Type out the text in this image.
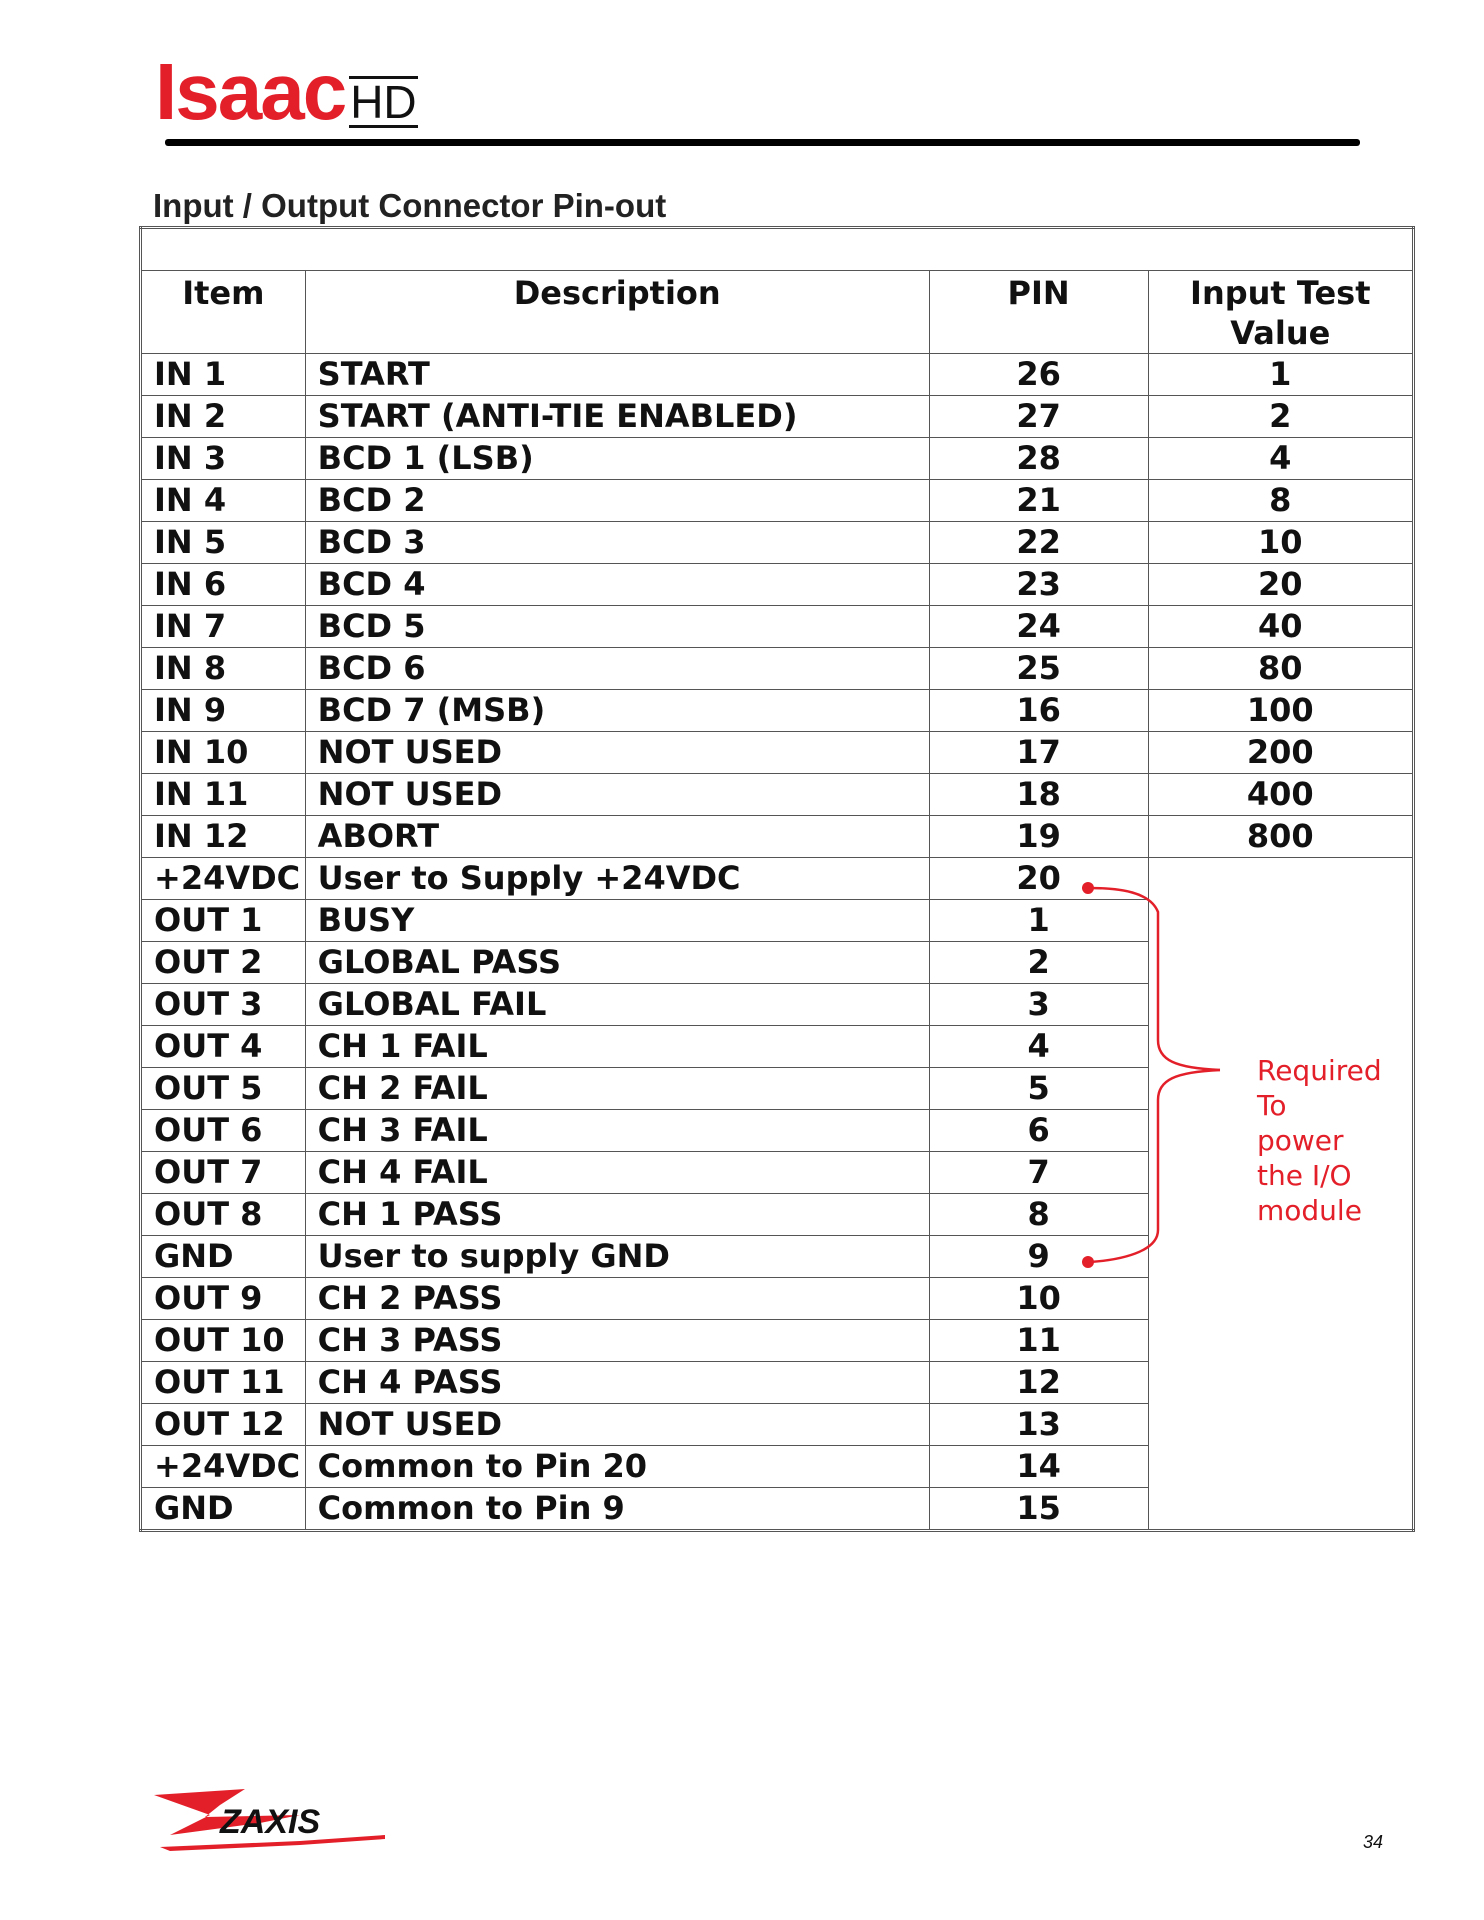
Isaac HD
Input / Output Connector Pin-out

Item	Description	PIN	Input Test
Value
IN 1	START	26	1
IN 2	START (ANTI-TIE ENABLED)	27	2
IN 3	BCD 1 (LSB)	28	4
IN 4	BCD 2	21	8
IN 5	BCD 3	22	10
IN 6	BCD 4	23	20
IN 7	BCD 5	24	40
IN 8	BCD 6	25	80
IN 9	BCD 7 (MSB)	16	100
IN 10	NOT USED	17	200
IN 11	NOT USED	18	400
IN 12	ABORT	19	800
+24VDC	User to Supply +24VDC	20	
OUT 1	BUSY	1	
OUT 2	GLOBAL PASS	2	
OUT 3	GLOBAL FAIL	3	
OUT 4	CH 1 FAIL	4	
OUT 5	CH 2 FAIL	5	
OUT 6	CH 3 FAIL	6	
OUT 7	CH 4 FAIL	7	
OUT 8	CH 1 PASS	8	
GND	User to supply GND	9	
OUT 9	CH 2 PASS	10	
OUT 10	CH 3 PASS	11	
OUT 11	CH 4 PASS	12	
OUT 12	NOT USED	13	
+24VDC	Common to Pin 20	14	
GND	Common to Pin 9	15	
Required
To
power
the I/O
module
ZAXIS
34
